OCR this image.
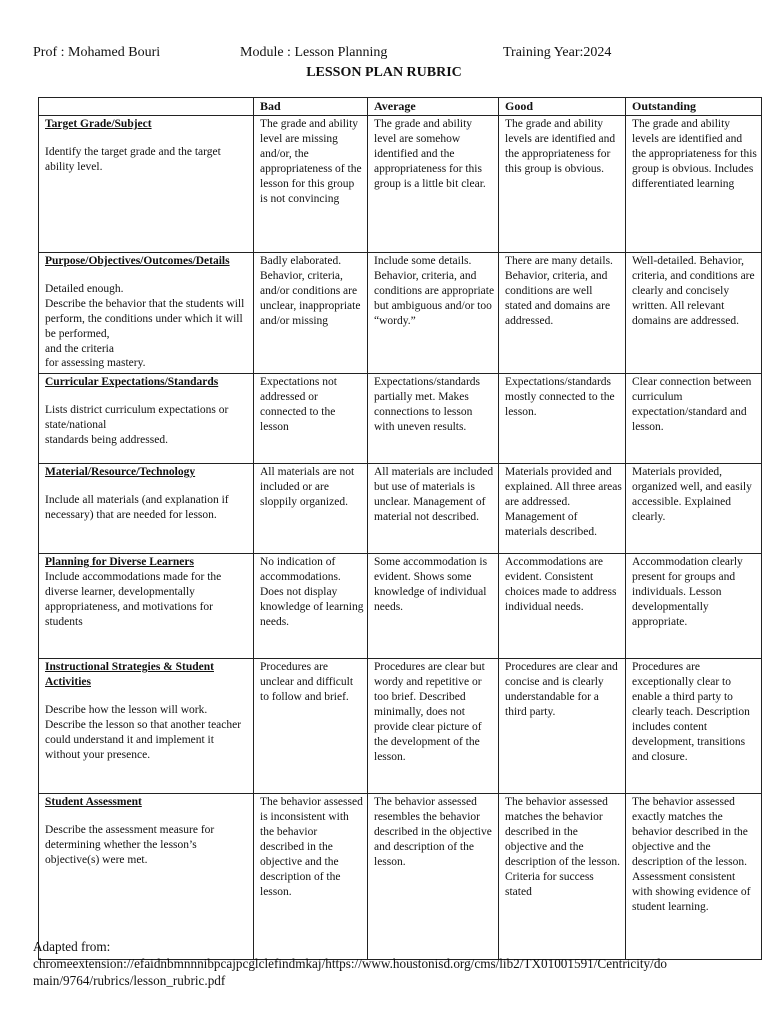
Prof : Mohamed Bouri	Module : Lesson Planning	Training Year:2024
LESSON PLAN RUBRIC
	Bad	Average	Good	Outstanding

Target Grade/Subject
Identify the target grade and the target ability level.	The grade and ability level are missing and/or, the appropriateness of the lesson for this group is not convincing	The grade and ability level are somehow identified and the appropriateness for this group is a little bit clear.	The grade and ability levels are identified and the appropriateness for this group is obvious.	The grade and ability levels are identified and the appropriateness for this group is obvious. Includes differentiated learning

Purpose/Objectives/Outcomes/Details
Detailed enough.
Describe the behavior that the students will perform, the conditions under which it will be performed,
and the criteria
for assessing mastery.	Badly elaborated. Behavior, criteria, and/or conditions are unclear, inappropriate and/or missing	Include some details. Behavior, criteria, and conditions are appropriate but ambiguous and/or too “wordy.”	There are many details. Behavior, criteria, and conditions are well stated and domains are addressed.	Well-detailed. Behavior, criteria, and conditions are clearly and concisely written. All relevant domains are addressed.

Curricular Expectations/Standards
Lists district curriculum expectations or state/national
standards being addressed.	Expectations not addressed or connected to the lesson	Expectations/standards partially met. Makes connections to lesson with uneven results.	Expectations/standards mostly connected to the lesson.	Clear connection between curriculum expectation/standard and lesson.

Material/Resource/Technology
Include all materials (and explanation if necessary) that are needed for lesson.	All materials are not included or are sloppily organized.	All materials are included but use of materials is unclear. Management of material not described.	Materials provided and explained. All three areas are addressed. Management of materials described.	Materials provided, organized well, and easily accessible. Explained clearly.

Planning for Diverse Learners
Include accommodations made for the diverse learner, developmentally appropriateness, and motivations for students	No indication of accommodations. Does not display knowledge of learning needs.	Some accommodation is evident. Shows some knowledge of individual needs.	Accommodations are evident. Consistent choices made to address individual needs.	Accommodation clearly present for groups and individuals. Lesson developmentally appropriate.

Instructional Strategies & Student Activities
Describe how the lesson will work. Describe the lesson so that another teacher could understand it and implement it without your presence.	Procedures are unclear and difficult to follow and brief.	Procedures are clear but wordy and repetitive or too brief. Described minimally, does not provide clear picture of the development of the lesson.	Procedures are clear and concise and is clearly understandable for a third party.	Procedures are exceptionally clear to enable a third party to clearly teach. Description includes content development, transitions and closure.

Student Assessment
Describe the assessment measure for determining whether the lesson’s objective(s) were met.	The behavior assessed is inconsistent with the behavior described in the objective and the description of the lesson.	The behavior assessed resembles the behavior described in the objective and description of the lesson.	The behavior assessed matches the behavior described in the objective and the description of the lesson. Criteria for success stated	The behavior assessed exactly matches the behavior described in the objective and the description of the lesson. Assessment consistent with showing evidence of student learning.
Adapted from:
chromeextension://efaidnbmnnnibpcajpcglclefindmkaj/https://www.houstonisd.org/cms/lib2/TX01001591/Centricity/do
main/9764/rubrics/lesson_rubric.pdf
